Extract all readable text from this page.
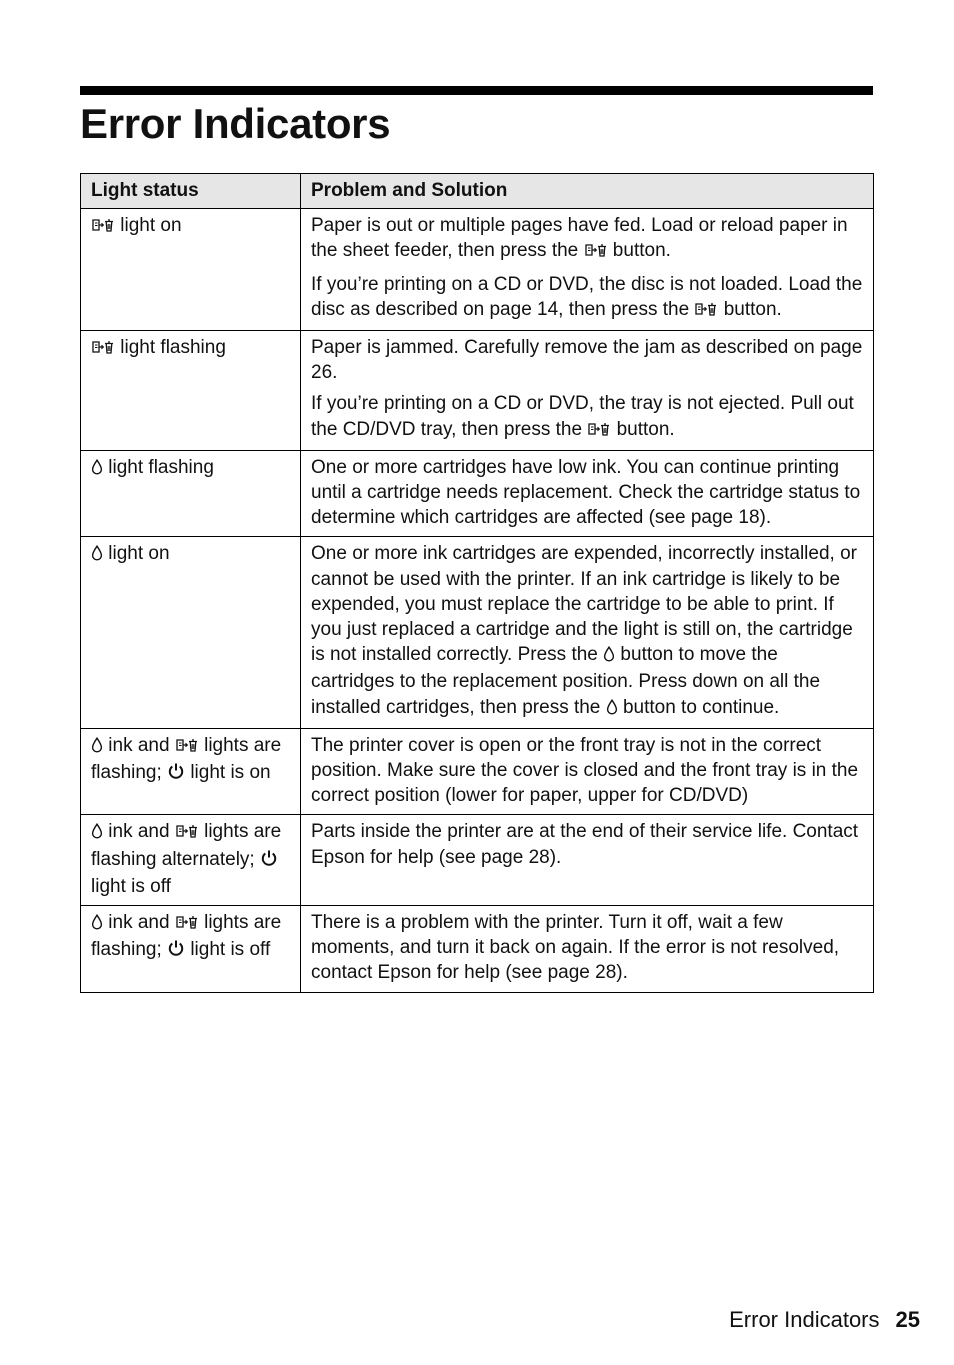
Error Indicators
Light status	Problem and Solution
light on	Paper is out or multiple pages have fed. Load or reload paper in the sheet feeder, then press the  button.

If you’re printing on a CD or DVD, the disc is not loaded. Load the disc as described on page 14, then press the  button.

light flashing	Paper is jammed. Carefully remove the jam as described on page 26.

If you’re printing on a CD or DVD, the tray is not ejected. Pull out the CD/DVD tray, then press the  button.

light flashing	One or more cartridges have low ink. You can continue printing until a cartridge needs replacement. Check the cartridge status to determine which cartridges are affected (see page 18).

light on	One or more ink cartridges are expended, incorrectly installed, or cannot be used with the printer. If an ink cartridge is likely to be expended, you must replace the cartridge to be able to print. If you just replaced a cartridge and the light is still on, the cartridge is not installed correctly. Press the  button to move the cartridges to the replacement position. Press down on all the installed cartridges, then press the  button to continue.

ink and  lights are flashing;  light is on	The printer cover is open or the front tray is not in the correct position. Make sure the cover is closed and the front tray is in the correct position (lower for paper, upper for CD/DVD)

ink and  lights are flashing alternately;  light is off	Parts inside the printer are at the end of their service life. Contact Epson for help (see page 28).

ink and  lights are flashing;  light is off	There is a problem with the printer. Turn it off, wait a few moments, and turn it back on again. If the error is not resolved, contact Epson for help (see page 28).

Error Indicators 25
